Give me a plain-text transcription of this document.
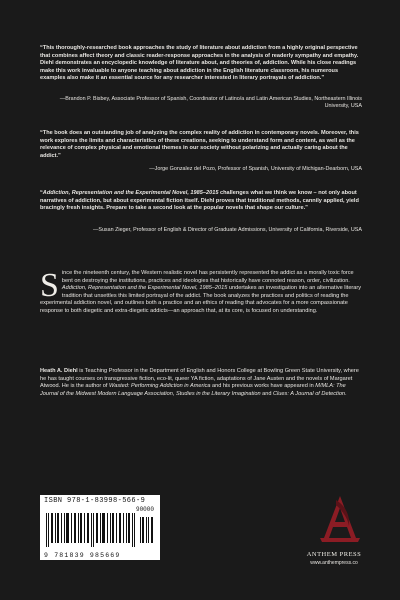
“This thoroughly-researched book approaches the study of literature about addiction from a highly original perspective that combines affect theory and classic reader-response approaches in the analysis of readerly sympathy and empathy. Diehl demonstrates an encyclopedic knowledge of literature about, and theories of, addiction. While his close readings make this work invaluable to anyone teaching about addiction in the English literature classroom, his numerous examples also make it an essential source for any researcher interested in literary portrayals of addiction.”

—Brandon P. Bisbey, Associate Professor of Spanish, Coordinator of Latino/a and Latin American Studies, Northeastern Illinois University, USA

“The book does an outstanding job of analyzing the complex reality of addiction in contemporary novels. Moreover, this work explores the limits and characteristics of these creations, seeking to understand form and content, as well as the relevance of complex physical and emotional themes in our society without polarizing and actually caring about the addict.”

—Jorge Gonzalez del Pozo, Professor of Spanish, University of Michigan-Dearborn, USA

“Addiction, Representation and the Experimental Novel, 1985–2015 challenges what we think we know – not only about narratives of addiction, but about experimental fiction itself. Diehl proves that traditional methods, cannily applied, yield bracingly fresh insights. Prepare to take a second look at the popular novels that shape our culture.”

—Susan Zieger, Professor of English & Director of Graduate Admissions, University of California, Riverside, USA
Since the nineteenth century, the Western realistic novel has persistently represented the addict as a morally toxic force bent on destroying the institutions, practices and ideologies that historically have connoted reason, order, civilization. Addiction, Representation and the Experimental Novel, 1985–2015 undertakes an investigation into an alternative literary tradition that unsettles this limited portrayal of the addict. The book analyzes the practices and politics of reading the experimental addiction novel, and outlines both a practice and an ethics of reading that advocates for a more compassionate response to both diegetic and extra-diegetic addicts—an approach that, at its core, is focused on understanding.
Heath A. Diehl is Teaching Professor in the Department of English and Honors College at Bowling Green State University, where he has taught courses on transgressive fiction, eco-lit, queer YA fiction, adaptations of Jane Austen and the novels of Margaret Atwood. He is the author of Wasted: Performing Addiction in America and his previous works have appeared in M/MLA: The Journal of the Midwest Modern Language Association, Studies in the Literary Imagination and Clues: A Journal of Detection.
ISBN 978-1-83998-566-9
90000
9 781839 985669	ANTHEM PRESS
www.anthempress.co
